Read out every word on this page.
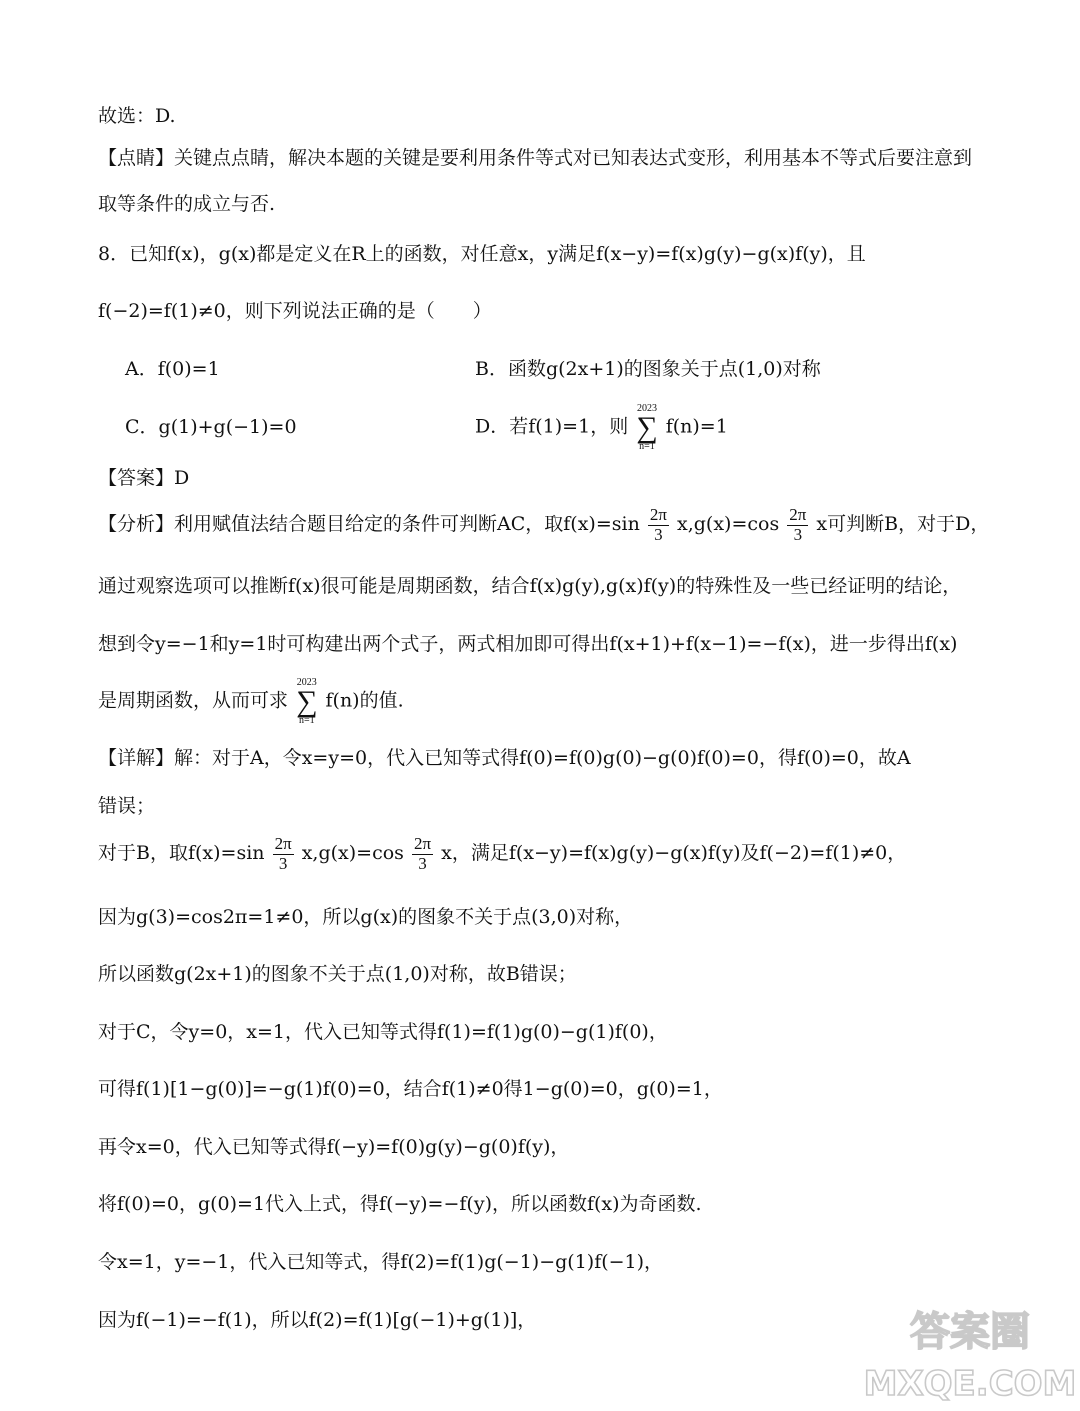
故选：D.
【点睛】关键点点睛，解决本题的关键是要利用条件等式对已知表达式变形，利用基本不等式后要注意到
取等条件的成立与否.
8．已知f(x)，g(x)都是定义在R上的函数，对任意x，y满足f(x−y)=f(x)g(y)−g(x)f(y)，且
f(−2)=f(1)≠0，则下列说法正确的是（　　）
A．f(0)=1	B．函数g(2x+1)的图象关于点(1,0)对称
C．g(1)+g(−1)=0	D．若f(1)=1，则
2023
∑
n=1
f(n)=1
【答案】D
【分析】利用赋值法结合题目给定的条件可判断AC，取$f(x)=\sin \frac{2\pi}{3} x,g(x)=\cos \frac{2\pi}{3}$ x可判断B，对于D，
通过观察选项可以推断f(x)很可能是周期函数，结合f(x)g(y),g(x)f(y)的特殊性及一些已经证明的结论，
想到令y=−1和y=1时可构建出两个式子，两式相加即可得出f(x+1)+f(x−1)=−f(x)，进一步得出f(x)
是周期函数，从而可求
2023
∑
n=1
f(n)的值.
【详解】解：对于A，令x=y=0，代入已知等式得f(0)=f(0)g(0)−g(0)f(0)=0，得f(0)=0，故A
错误；
对于B，取$f(x)=\sin \frac{2\pi}{3} x,g(x)=\cos \frac{2\pi}{3}$ x，满足f(x−y)=f(x)g(y)−g(x)f(y)及f(−2)=f(1)≠0，
因为g(3)=cos2π=1≠0，所以g(x)的图象不关于点(3,0)对称，
所以函数g(2x+1)的图象不关于点(1,0)对称，故B错误；
对于C，令y=0，x=1，代入已知等式得f(1)=f(1)g(0)−g(1)f(0)，
可得f(1)[1−g(0)]=−g(1)f(0)=0，结合f(1)≠0得1−g(0)=0，g(0)=1，
再令x=0，代入已知等式得f(−y)=f(0)g(y)−g(0)f(y)，
将f(0)=0，g(0)=1代入上式，得f(−y)=−f(y)，所以函数f(x)为奇函数.
令x=1，y=−1，代入已知等式，得f(2)=f(1)g(−1)−g(1)f(−1)，
因为f(−1)=−f(1)，所以f(2)=f(1)[g(−1)+g(1)]，	答案圈
MXQE.COM
